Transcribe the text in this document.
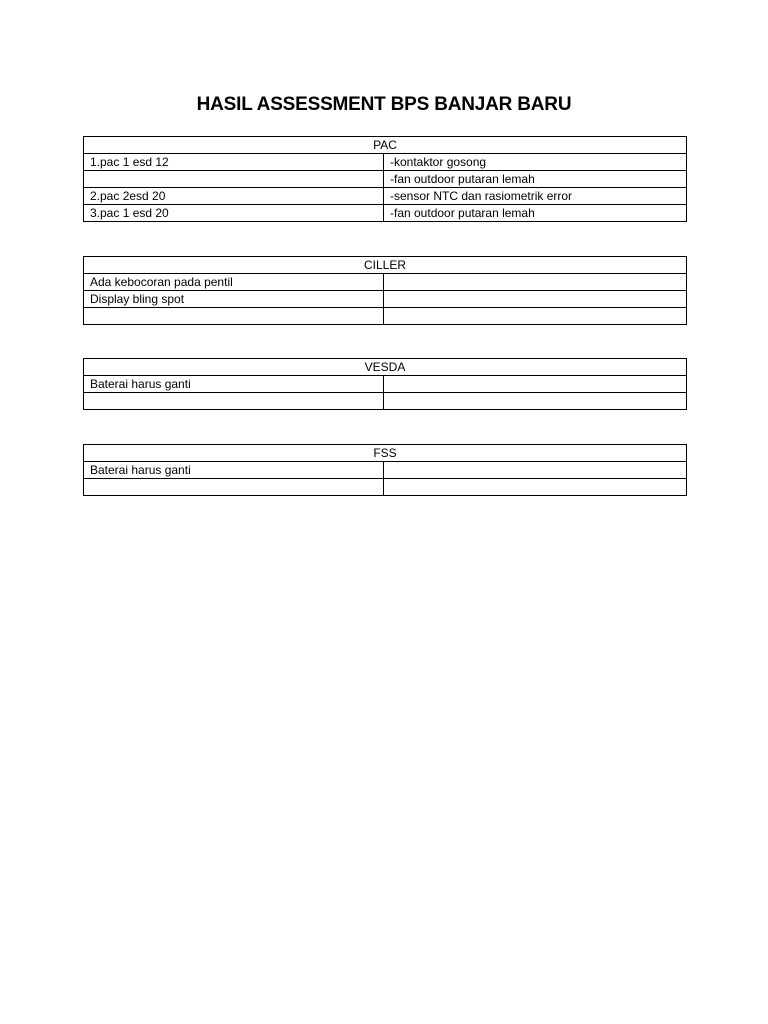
HASIL ASSESSMENT BPS BANJAR BARU
PAC	
1.pac 1 esd 12	-kontaktor gosong
	-fan outdoor putaran lemah
2.pac 2esd 20	-sensor NTC dan rasiometrik error
3.pac 1 esd 20	-fan outdoor putaran lemah
CILLER	
Ada kebocoran pada pentil	
Display bling spot	

VESDA	
Baterai harus ganti	

FSS	
Baterai harus ganti	
